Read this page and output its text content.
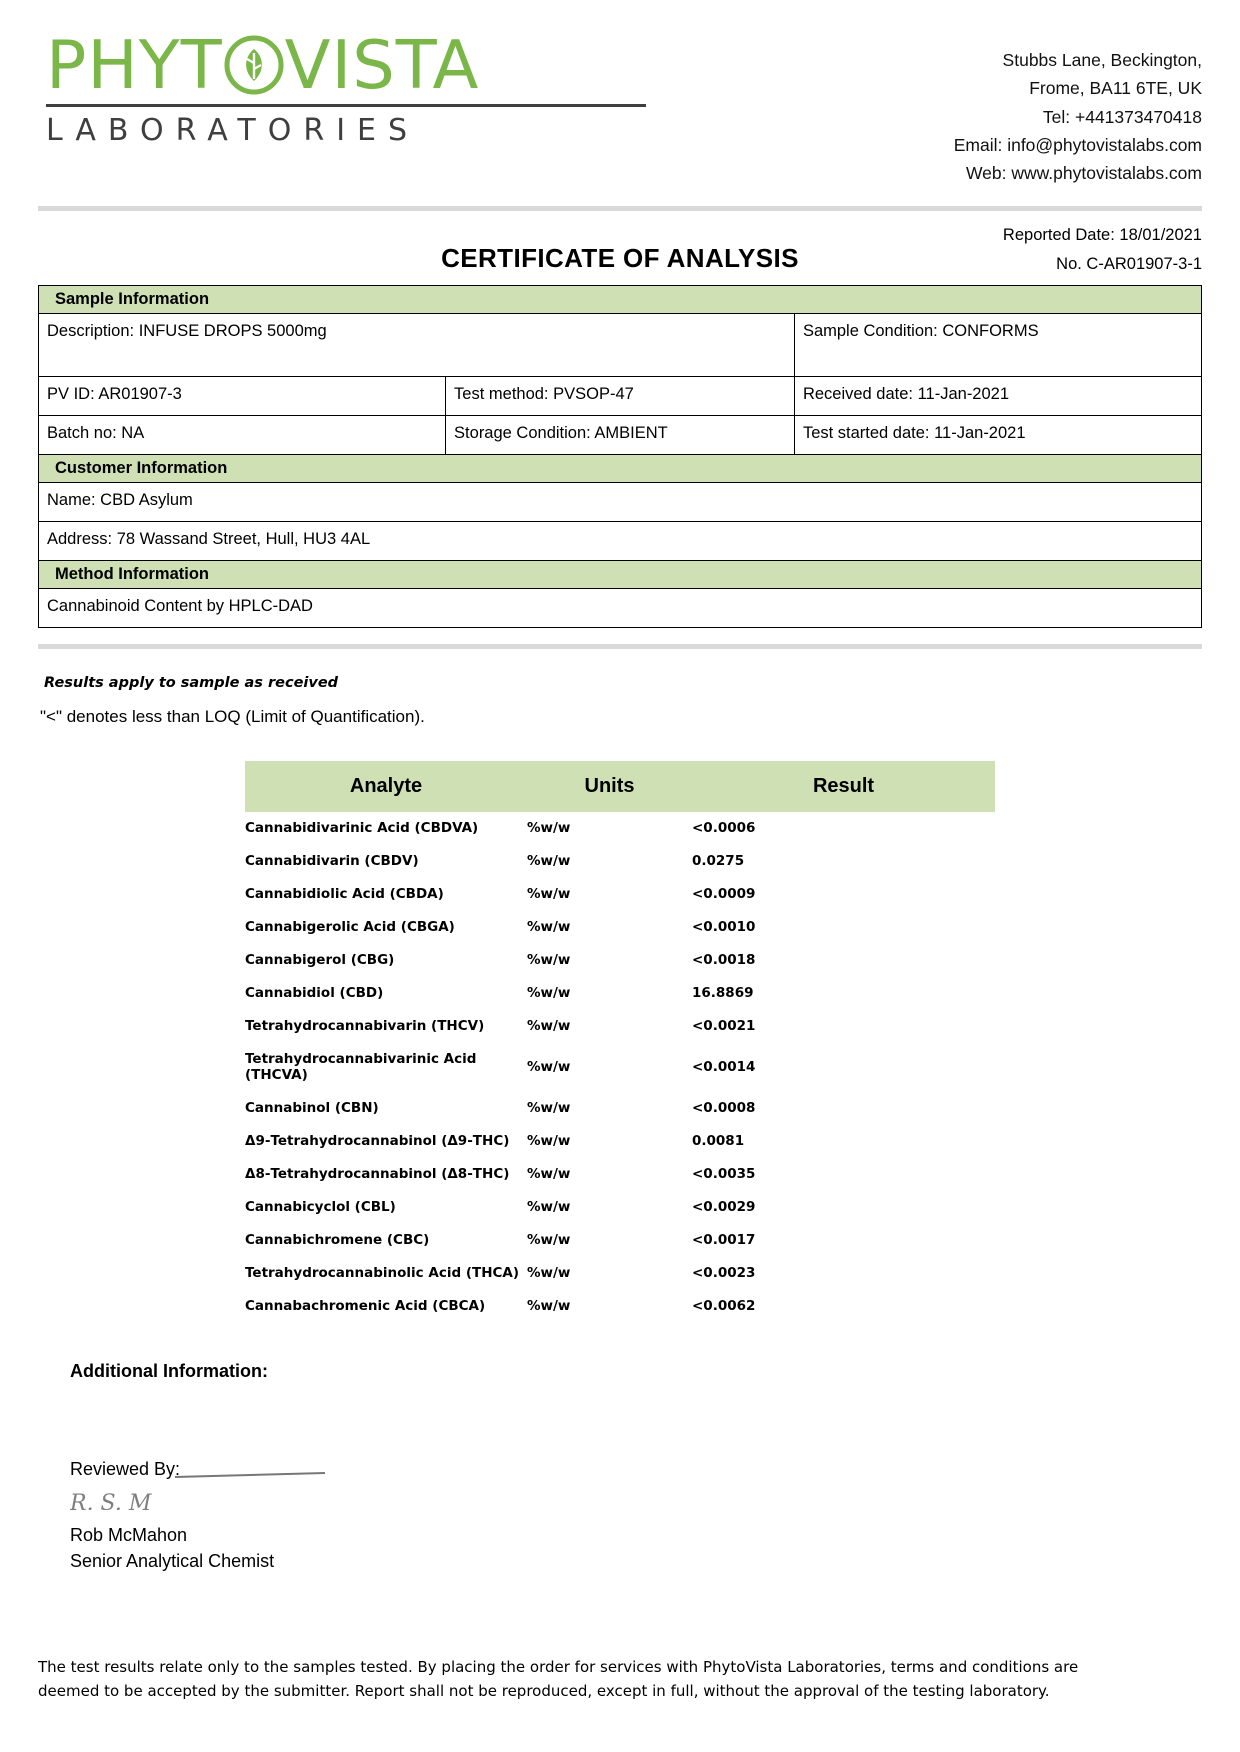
PHYT VISTA
LABORATORIES
Stubbs Lane, Beckington,
Frome, BA11 6TE, UK
Tel: +441373470418
Email: info@phytovistalabs.com
Web: www.phytovistalabs.com
Reported Date: 18/01/2021
No. C-AR01907-3-1
CERTIFICATE OF ANALYSIS
Sample Information		
Description: INFUSE DROPS 5000mg		Sample Condition: CONFORMS
PV ID: AR01907-3	Test method: PVSOP-47	Received date: 11-Jan-2021
Batch no: NA	Storage Condition: AMBIENT	Test started date: 11-Jan-2021
Customer Information		
Name: CBD Asylum		
Address: 78 Wassand Street, Hull, HU3 4AL		
Method Information		
Cannabinoid Content by HPLC-DAD		
Results apply to sample as received
"<" denotes less than LOQ (Limit of Quantification).
Analyte	Units	Result
Cannabidivarinic Acid (CBDVA)	%w/w	<0.0006
Cannabidivarin (CBDV)	%w/w	0.0275
Cannabidiolic Acid (CBDA)	%w/w	<0.0009
Cannabigerolic Acid (CBGA)	%w/w	<0.0010
Cannabigerol (CBG)	%w/w	<0.0018
Cannabidiol (CBD)	%w/w	16.8869
Tetrahydrocannabivarin (THCV)	%w/w	<0.0021
Tetrahydrocannabivarinic Acid (THCVA)	%w/w	<0.0014
Cannabinol (CBN)	%w/w	<0.0008
Δ9-Tetrahydrocannabinol (Δ9-THC)	%w/w	0.0081
Δ8-Tetrahydrocannabinol (Δ8-THC)	%w/w	<0.0035
Cannabicyclol (CBL)	%w/w	<0.0029
Cannabichromene (CBC)	%w/w	<0.0017
Tetrahydrocannabinolic Acid (THCA)	%w/w	<0.0023
Cannabachromenic Acid (CBCA)	%w/w	<0.0062
Additional Information:
Reviewed By:
R. S. M
Rob McMahon
Senior Analytical Chemist
The test results relate only to the samples tested. By placing the order for services with PhytoVista Laboratories, terms and conditions are
deemed to be accepted by the submitter. Report shall not be reproduced, except in full, without the approval of the testing laboratory.
